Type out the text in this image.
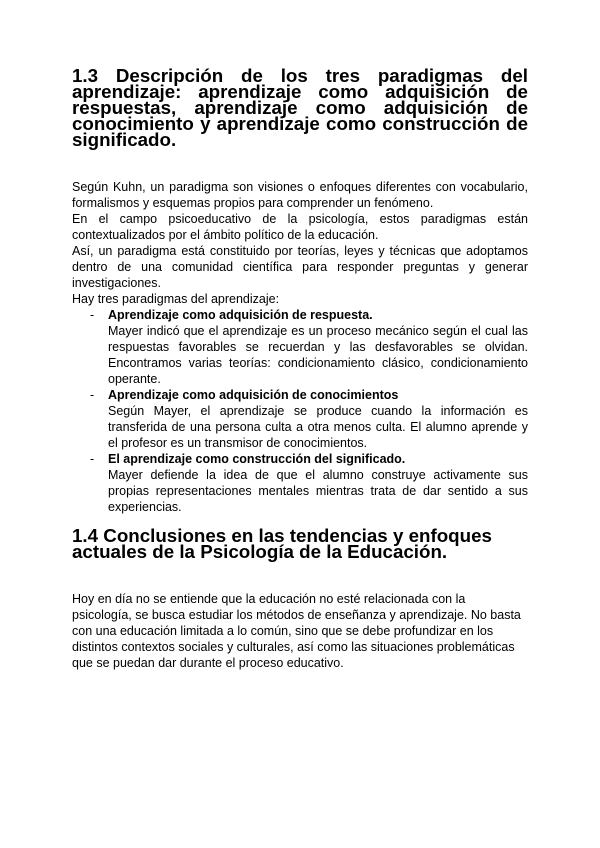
1.3 Descripción de los tres paradigmas del aprendizaje: aprendizaje como adquisición de respuestas, aprendizaje como adquisición de conocimiento y aprendizaje como construcción de significado.

Según Kuhn, un paradigma son visiones o enfoques diferentes con vocabulario, formalismos y esquemas propios para comprender un fenómeno.

En el campo psicoeducativo de la psicología, estos paradigmas están contextualizados por el ámbito político de la educación.

Así, un paradigma está constituido por teorías, leyes y técnicas que adoptamos dentro de una comunidad científica para responder preguntas y generar investigaciones.

Hay tres paradigmas del aprendizaje:

- Aprendizaje como adquisición de respuesta.
Mayer indicó que el aprendizaje es un proceso mecánico según el cual las respuestas favorables se recuerdan y las desfavorables se olvidan. Encontramos varias teorías: condicionamiento clásico, condicionamiento operante.
- Aprendizaje como adquisición de conocimientos
Según Mayer, el aprendizaje se produce cuando la información es transferida de una persona culta a otra menos culta. El alumno aprende y el profesor es un transmisor de conocimientos.
- El aprendizaje como construcción del significado.
Mayer defiende la idea de que el alumno construye activamente sus propias representaciones mentales mientras trata de dar sentido a sus experiencias.
1.4 Conclusiones en las tendencias y enfoques actuales de la Psicología de la Educación.

Hoy en día no se entiende que la educación no esté relacionada con la psicología, se busca estudiar los métodos de enseñanza y aprendizaje. No basta con una educación limitada a lo común, sino que se debe profundizar en los distintos contextos sociales y culturales, así como las situaciones problemáticas que se puedan dar durante el proceso educativo.
